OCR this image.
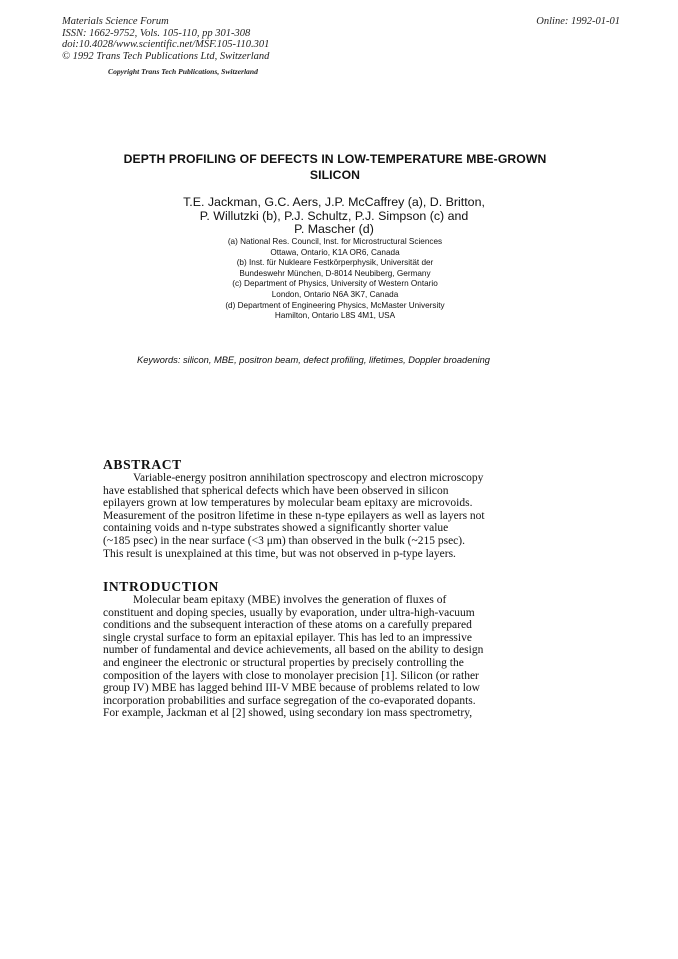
Materials Science Forum
ISSN: 1662-9752, Vols. 105-110, pp 301-308
doi:10.4028/www.scientific.net/MSF.105-110.301
© 1992 Trans Tech Publications Ltd, Switzerland
Online: 1992-01-01
Copyright Trans Tech Publications, Switzerland
DEPTH PROFILING OF DEFECTS IN LOW-TEMPERATURE MBE-GROWN
SILICON
T.E. Jackman, G.C. Aers, J.P. McCaffrey (a), D. Britton,
P. Willutzki (b), P.J. Schultz, P.J. Simpson (c) and
P. Mascher (d)
(a) National Res. Council, Inst. for Microstructural Sciences
Ottawa, Ontario, K1A OR6, Canada
(b) Inst. für Nukleare Festkörperphysik, Universität der
Bundeswehr München, D-8014 Neubiberg, Germany
(c) Department of Physics, University of Western Ontario
London, Ontario N6A 3K7, Canada
(d) Department of Engineering Physics, McMaster University
Hamilton, Ontario L8S 4M1, USA
Keywords: silicon, MBE, positron beam, defect profiling, lifetimes, Doppler broadening
ABSTRACT
Variable-energy positron annihilation spectroscopy and electron microscopy
have established that spherical defects which have been observed in silicon
epilayers grown at low temperatures by molecular beam epitaxy are microvoids.
Measurement of the positron lifetime in these n-type epilayers as well as layers not
containing voids and n-type substrates showed a significantly shorter value
(~185 psec) in the near surface (<3 μm) than observed in the bulk (~215 psec).
This result is unexplained at this time, but was not observed in p-type layers.
INTRODUCTION
Molecular beam epitaxy (MBE) involves the generation of fluxes of
constituent and doping species, usually by evaporation, under ultra-high-vacuum
conditions and the subsequent interaction of these atoms on a carefully prepared
single crystal surface to form an epitaxial epilayer. This has led to an impressive
number of fundamental and device achievements, all based on the ability to design
and engineer the electronic or structural properties by precisely controlling the
composition of the layers with close to monolayer precision [1]. Silicon (or rather
group IV) MBE has lagged behind III-V MBE because of problems related to low
incorporation probabilities and surface segregation of the co-evaporated dopants.
For example, Jackman et al [2] showed, using secondary ion mass spectrometry,
